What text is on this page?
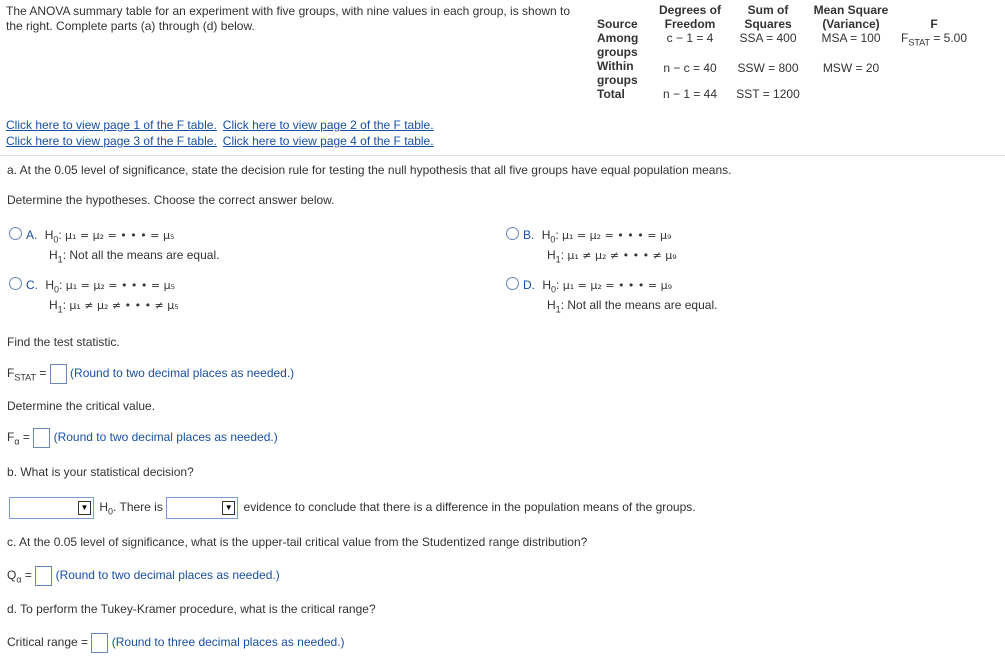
The ANOVA summary table for an experiment with five groups, with nine values in each group, is shown to the right. Complete parts (a) through (d) below.	Source	Degrees of Freedom	Sum of Squares	Mean Square (Variance)	F
Among groups	c − 1 = 4	SSA = 400	MSA = 100	$F_{STAT} = 5.00$
Within groups	n − c = 40	SSW = 800	MSW = 20	
Total	n − 1 = 44	SST = 1200		
Click here to view page 1 of the F table. Click here to view page 2 of the F table.
Click here to view page 3 of the F table. Click here to view page 4 of the F table.
a. At the 0.05 level of significance, state the decision rule for testing the null hypothesis that all five groups have equal population means.
Determine the hypotheses. Choose the correct answer below.
A. $H_0$: μ₁ = μ₂ = • • • = μ₅
$H_1$: Not all the means are equal.
B. $H_0$: μ₁ = μ₂ = • • • = μ₉
$H_1$: μ₁ ≠ μ₂ ≠ • • • ≠ μ₉
C. $H_0$: μ₁ = μ₂ = • • • = μ₅
$H_1$: μ₁ ≠ μ₂ ≠ • • • ≠ μ₅
D. $H_0$: μ₁ = μ₂ = • • • = μ₉
$H_1$: Not all the means are equal.
Find the test statistic.
$F_{STAT}$ =  (Round to two decimal places as needed.)
Determine the critical value.
$F_\alpha$ =  (Round to two decimal places as needed.)
b. What is your statistical decision?
▼ $H_0$. There is	▼ evidence to conclude that there is a difference in the population means of the groups.
c. At the 0.05 level of significance, what is the upper-tail critical value from the Studentized range distribution?
$Q_\alpha$ =  (Round to two decimal places as needed.)
d. To perform the Tukey-Kramer procedure, what is the critical range?
Critical range = (Round to three decimal places as needed.)
